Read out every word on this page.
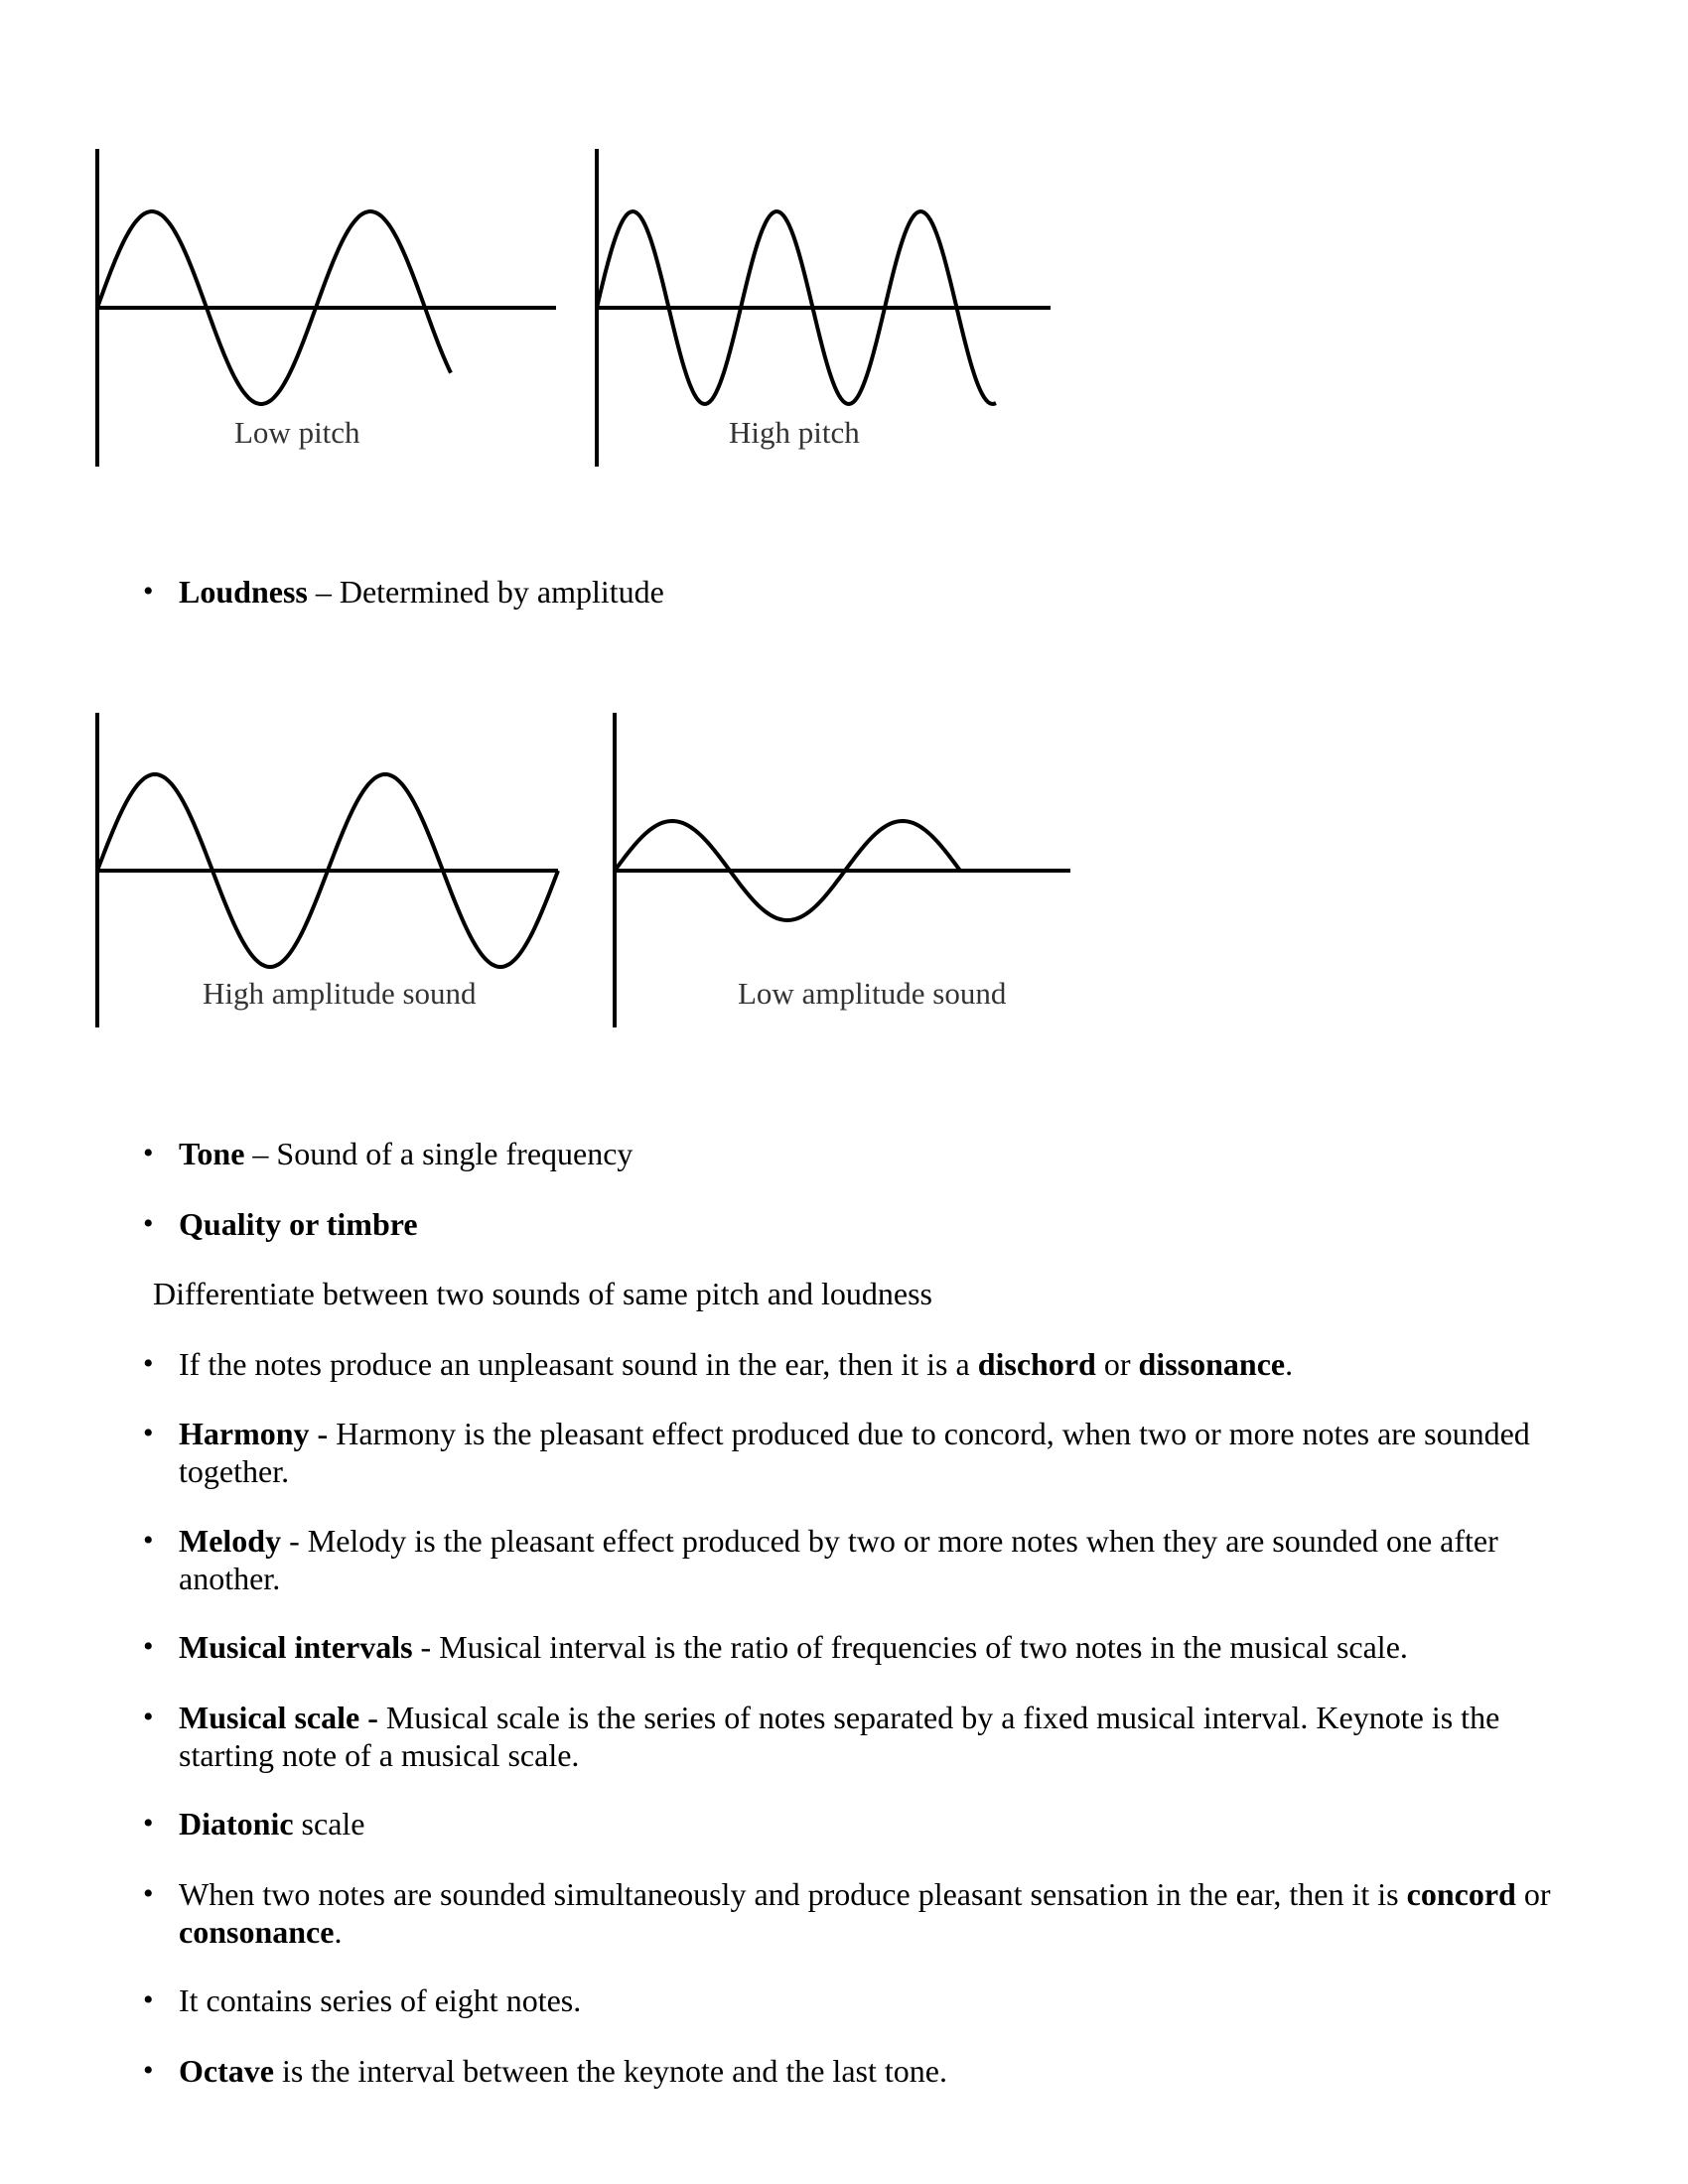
Low pitch	High pitch
• Loudness – Determined by amplitude
High amplitude sound	Low amplitude sound
• Tone – Sound of a single frequency
• Quality or timbre
Differentiate between two sounds of same pitch and loudness
• If the notes produce an unpleasant sound in the ear, then it is a dischord or dissonance.
• Harmony - Harmony is the pleasant effect produced due to concord, when two or more notes are sounded together.
• Melody - Melody is the pleasant effect produced by two or more notes when they are sounded one after another.
• Musical intervals - Musical interval is the ratio of frequencies of two notes in the musical scale.
• Musical scale - Musical scale is the series of notes separated by a fixed musical interval. Keynote is the starting note of a musical scale.
• Diatonic scale
• When two notes are sounded simultaneously and produce pleasant sensation in the ear, then it is concord or consonance.
• It contains series of eight notes.
• Octave is the interval between the keynote and the last tone.
